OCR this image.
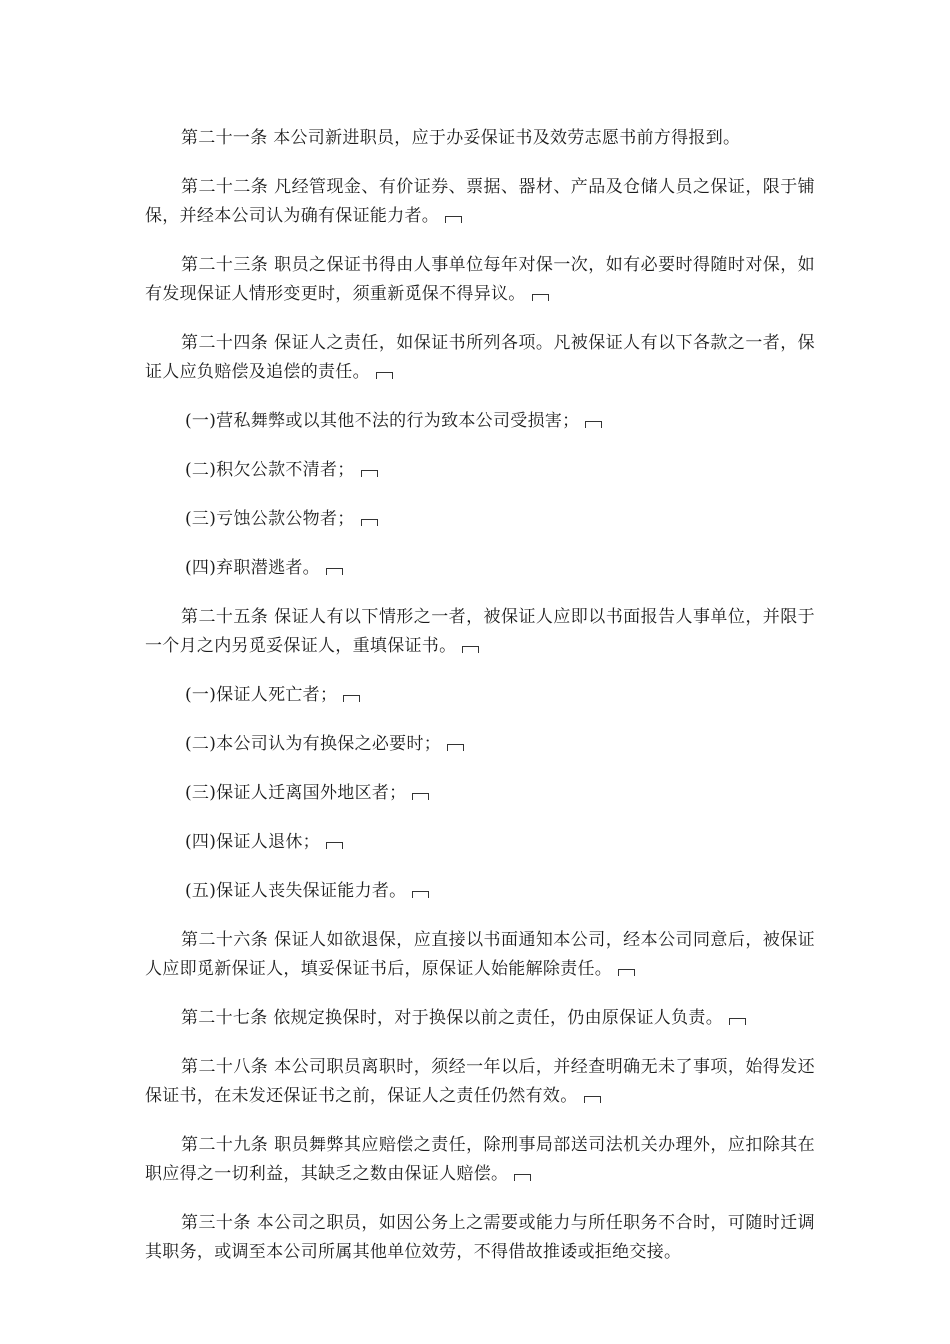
第二十一条 本公司新进职员，应于办妥保证书及效劳志愿书前方得报到。

第二十二条 凡经管现金、有价证券、票据、器材、产品及仓储人员之保证，限于铺保，并经本公司认为确有保证能力者。

第二十三条 职员之保证书得由人事单位每年对保一次，如有必要时得随时对保，如有发现保证人情形变更时，须重新觅保不得异议。

第二十四条 保证人之责任，如保证书所列各项。凡被保证人有以下各款之一者，保证人应负赔偿及追偿的责任。

(一)营私舞弊或以其他不法的行为致本公司受损害；

(二)积欠公款不清者；

(三)亏蚀公款公物者；

(四)弃职潜逃者。

第二十五条 保证人有以下情形之一者，被保证人应即以书面报告人事单位，并限于一个月之内另觅妥保证人，重填保证书。

(一)保证人死亡者；

(二)本公司认为有换保之必要时；

(三)保证人迁离国外地区者；

(四)保证人退休；

(五)保证人丧失保证能力者。

第二十六条 保证人如欲退保，应直接以书面通知本公司，经本公司同意后，被保证人应即觅新保证人，填妥保证书后，原保证人始能解除责任。

第二十七条 依规定换保时，对于换保以前之责任，仍由原保证人负责。

第二十八条 本公司职员离职时，须经一年以后，并经查明确无未了事项，始得发还保证书，在未发还保证书之前，保证人之责任仍然有效。

第二十九条 职员舞弊其应赔偿之责任，除刑事局部送司法机关办理外，应扣除其在职应得之一切利益，其缺乏之数由保证人赔偿。

第三十条 本公司之职员，如因公务上之需要或能力与所任职务不合时，可随时迁调其职务，或调至本公司所属其他单位效劳，不得借故推诿或拒绝交接。
